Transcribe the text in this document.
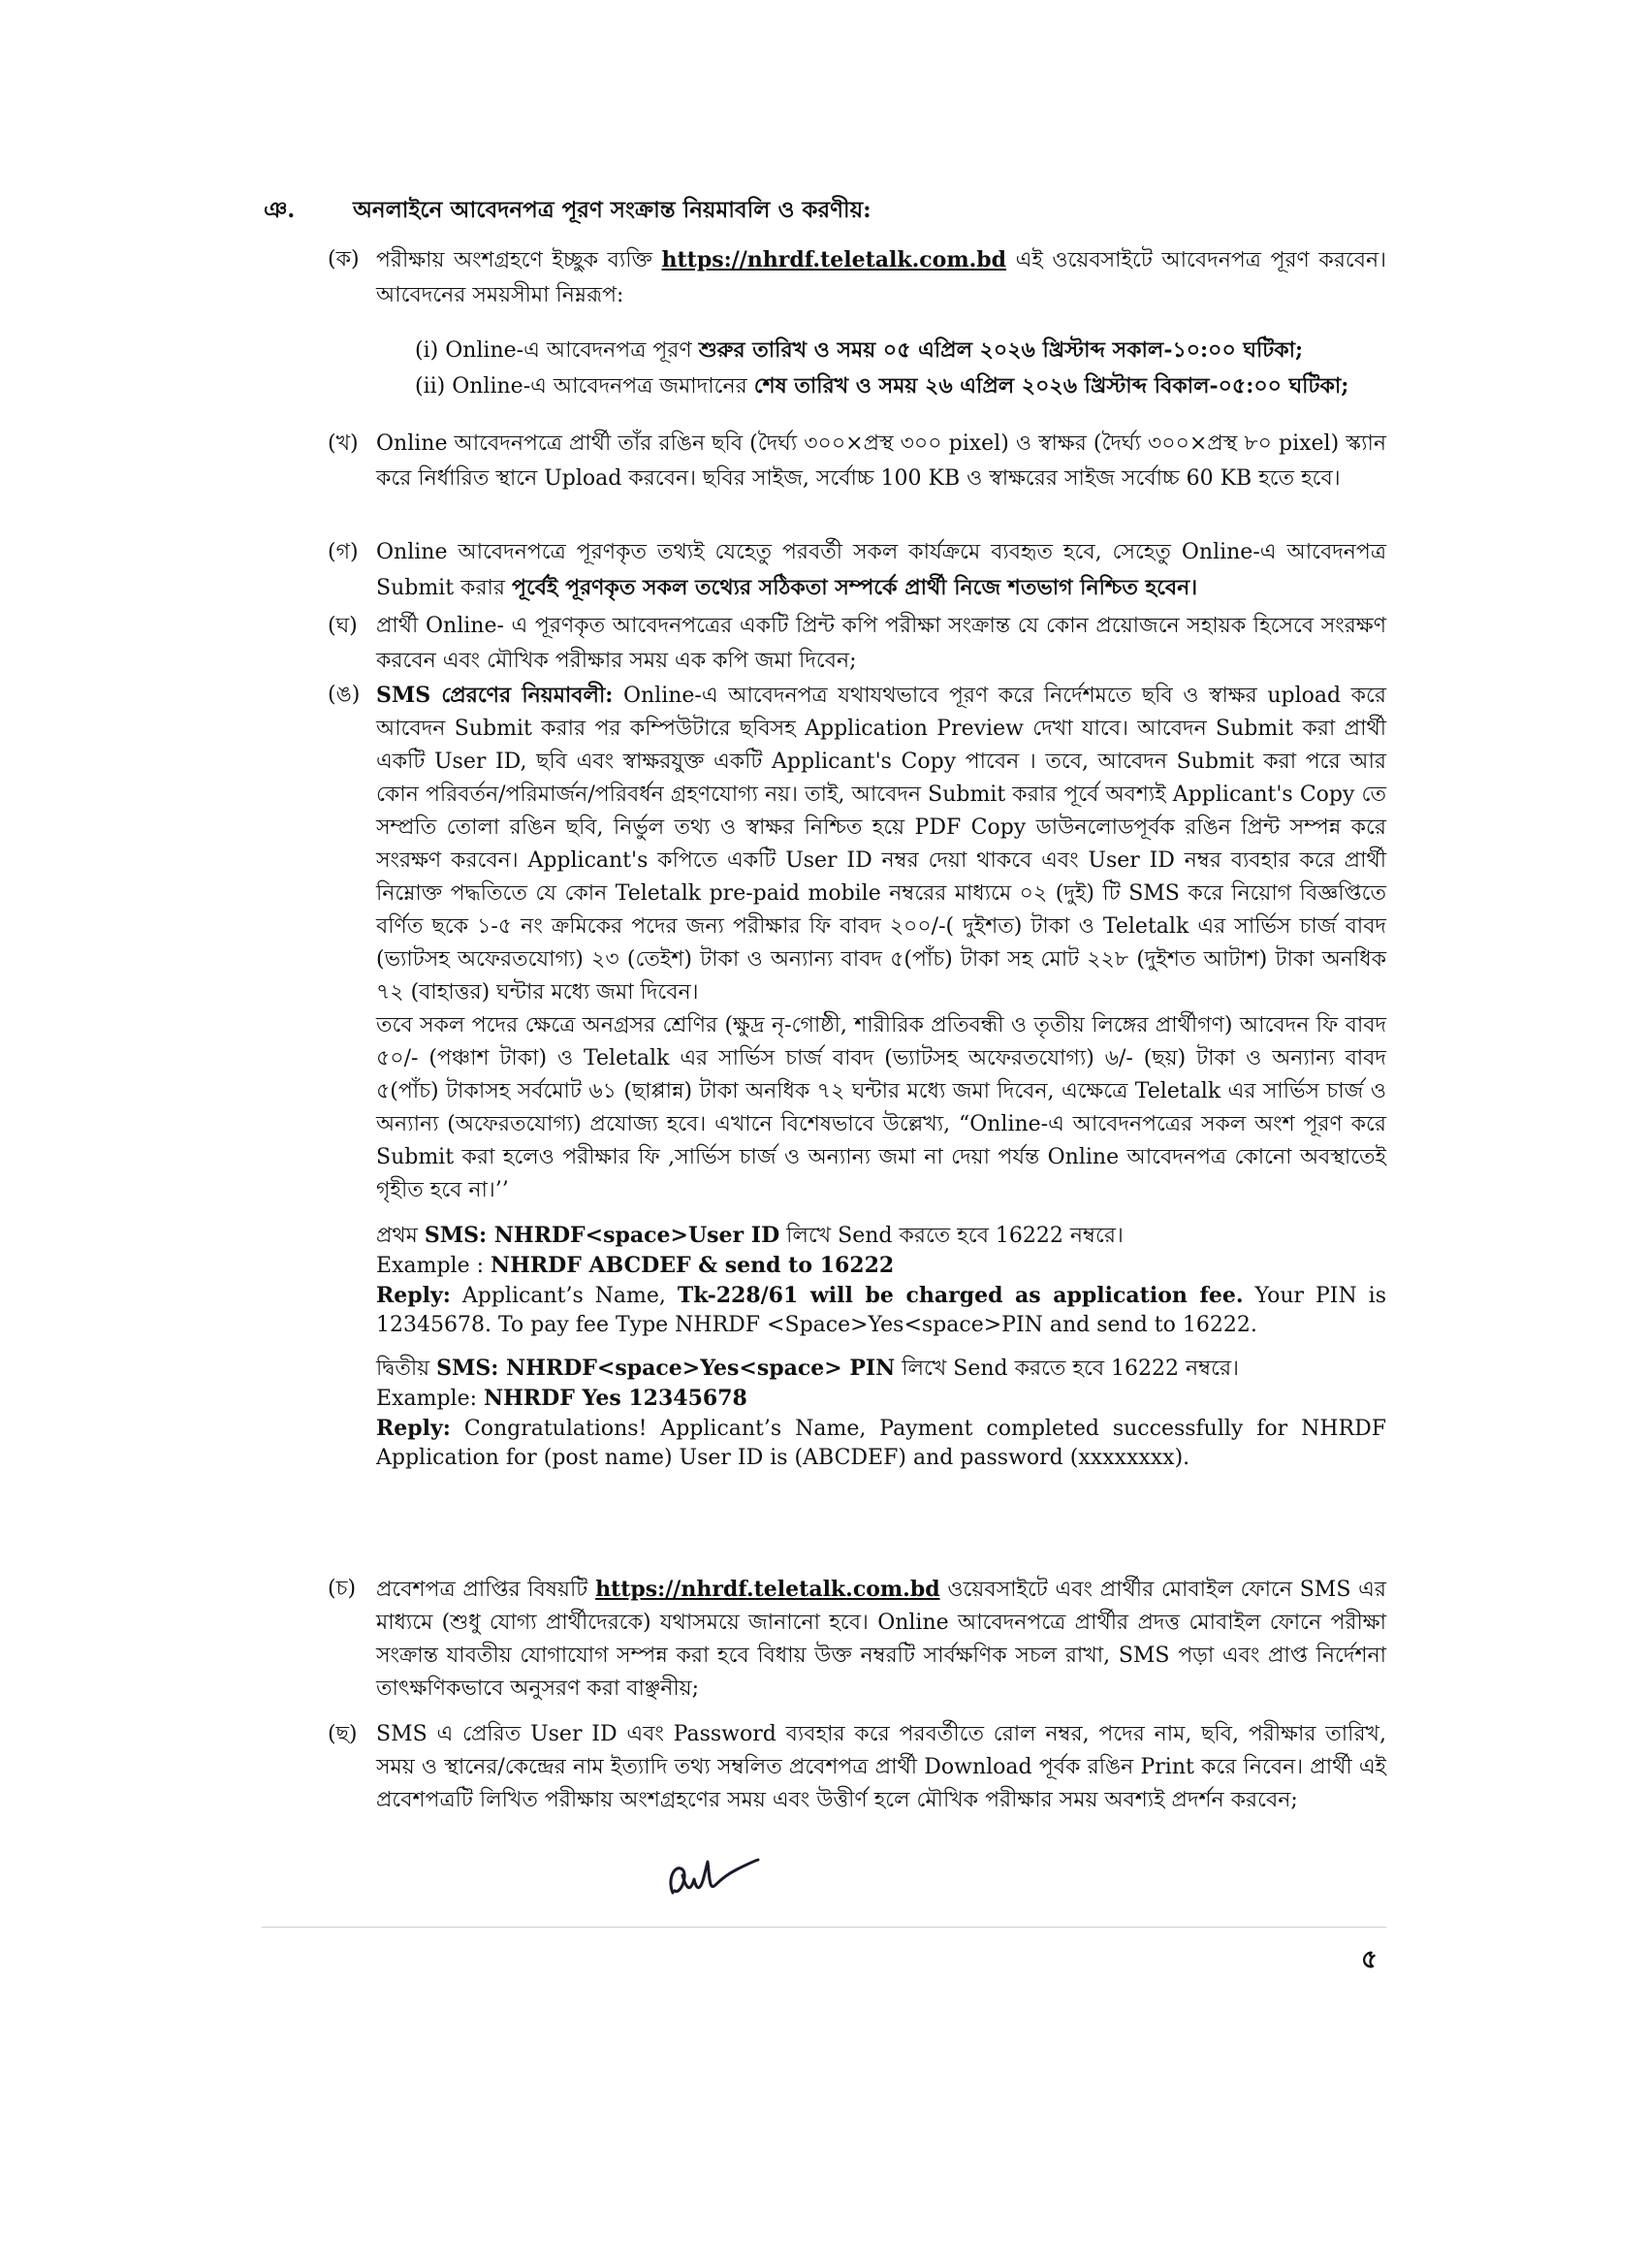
ঞ.	অনলাইনে আবেদনপত্র পূরণ সংক্রান্ত নিয়মাবলি ও করণীয়:
(ক) পরীক্ষায় অংশগ্রহণে ইচ্ছুক ব্যক্তি https://nhrdf.teletalk.com.bd এই ওয়েবসাইটে আবেদনপত্র পূরণ করবেন। আবেদনের সময়সীমা নিম্নরূপ:

(i) Online-এ আবেদনপত্র পূরণ শুরুর তারিখ ও সময় ০৫ এপ্রিল ২০২৬ খ্রিস্টাব্দ সকাল-১০:০০ ঘটিকা;

(ii) Online-এ আবেদনপত্র জমাদানের শেষ তারিখ ও সময় ২৬ এপ্রিল ২০২৬ খ্রিস্টাব্দ বিকাল-০৫:০০ ঘটিকা;

(খ) Online আবেদনপত্রে প্রার্থী তাঁর রঙিন ছবি (দৈর্ঘ্য ৩০০×প্রস্থ ৩০০ pixel) ও স্বাক্ষর (দৈর্ঘ্য ৩০০×প্রস্থ ৮০ pixel) স্ক্যান করে নির্ধারিত স্থানে Upload করবেন। ছবির সাইজ, সর্বোচ্চ 100 KB ও স্বাক্ষরের সাইজ সর্বোচ্চ 60 KB হতে হবে।

(গ) Online আবেদনপত্রে পূরণকৃত তথ্যই যেহেতু পরবর্তী সকল কার্যক্রমে ব্যবহৃত হবে, সেহেতু Online-এ আবেদনপত্র Submit করার পূর্বেই পূরণকৃত সকল তথ্যের সঠিকতা সম্পর্কে প্রার্থী নিজে শতভাগ নিশ্চিত হবেন।

(ঘ) প্রার্থী Online- এ পূরণকৃত আবেদনপত্রের একটি প্রিন্ট কপি পরীক্ষা সংক্রান্ত যে কোন প্রয়োজনে সহায়ক হিসেবে সংরক্ষণ করবেন এবং মৌখিক পরীক্ষার সময় এক কপি জমা দিবেন;

(ঙ) SMS প্রেরণের নিয়মাবলী: Online-এ আবেদনপত্র যথাযথভাবে পূরণ করে নির্দেশমতে ছবি ও স্বাক্ষর upload করে আবেদন Submit করার পর কম্পিউটারে ছবিসহ Application Preview দেখা যাবে। আবেদন Submit করা প্রার্থী একটি User ID, ছবি এবং স্বাক্ষরযুক্ত একটি Applicant's Copy পাবেন । তবে, আবেদন Submit করা পরে আর কোন পরিবর্তন/পরিমার্জন/পরিবর্ধন গ্রহণযোগ্য নয়। তাই, আবেদন Submit করার পূর্বে অবশ্যই Applicant's Copy তে সম্প্রতি তোলা রঙিন ছবি, নির্ভুল তথ্য ও স্বাক্ষর নিশ্চিত হয়ে PDF Copy ডাউনলোডপূর্বক রঙিন প্রিন্ট সম্পন্ন করে সংরক্ষণ করবেন। Applicant's কপিতে একটি User ID নম্বর দেয়া থাকবে এবং User ID নম্বর ব্যবহার করে প্রার্থী নিম্নোক্ত পদ্ধতিতে যে কোন Teletalk pre-paid mobile নম্বরের মাধ্যমে ০২ (দুই) টি SMS করে নিয়োগ বিজ্ঞপ্তিতে বর্ণিত ছকে ১-৫ নং ক্রমিকের পদের জন্য পরীক্ষার ফি বাবদ ২০০/-( দুইশত) টাকা ও Teletalk এর সার্ভিস চার্জ বাবদ (ভ্যাটসহ অফেরতযোগ্য) ২৩ (তেইশ) টাকা ও অন্যান্য বাবদ ৫(পাঁচ) টাকা সহ মোট ২২৮ (দুইশত আটাশ) টাকা অনধিক ৭২ (বাহাত্তর) ঘন্টার মধ্যে জমা দিবেন।

তবে সকল পদের ক্ষেত্রে অনগ্রসর শ্রেণির (ক্ষুদ্র নৃ-গোষ্ঠী, শারীরিক প্রতিবন্ধী ও তৃতীয় লিঙ্গের প্রার্থীগণ) আবেদন ফি বাবদ ৫০/- (পঞ্চাশ টাকা) ও Teletalk এর সার্ভিস চার্জ বাবদ (ভ্যাটসহ অফেরতযোগ্য) ৬/- (ছয়) টাকা ও অন্যান্য বাবদ ৫(পাঁচ) টাকাসহ সর্বমোট ৬১ (ছাপ্পান্ন) টাকা অনধিক ৭২ ঘন্টার মধ্যে জমা দিবেন, এক্ষেত্রে Teletalk এর সার্ভিস চার্জ ও অন্যান্য (অফেরতযোগ্য) প্রযোজ্য হবে। এখানে বিশেষভাবে উল্লেখ্য, “Online-এ আবেদনপত্রের সকল অংশ পূরণ করে Submit করা হলেও পরীক্ষার ফি ,সার্ভিস চার্জ ও অন্যান্য জমা না দেয়া পর্যন্ত Online আবেদনপত্র কোনো অবস্থাতেই গৃহীত হবে না।’’

প্রথম SMS: NHRDF<space>User ID লিখে Send করতে হবে 16222 নম্বরে।

Example : NHRDF ABCDEF & send to 16222

Reply: Applicant’s Name, Tk-228/61 will be charged as application fee. Your PIN is 12345678. To pay fee Type NHRDF <Space>Yes<space>PIN and send to 16222.

দ্বিতীয় SMS: NHRDF<space>Yes<space> PIN লিখে Send করতে হবে 16222 নম্বরে।

Example: NHRDF Yes 12345678

Reply: Congratulations! Applicant’s Name, Payment completed successfully for NHRDF Application for (post name) User ID is (ABCDEF) and password (xxxxxxxx).

(চ) প্রবেশপত্র প্রাপ্তির বিষয়টি https://nhrdf.teletalk.com.bd ওয়েবসাইটে এবং প্রার্থীর মোবাইল ফোনে SMS এর মাধ্যমে (শুধু যোগ্য প্রার্থীদেরকে) যথাসময়ে জানানো হবে। Online আবেদনপত্রে প্রার্থীর প্রদত্ত মোবাইল ফোনে পরীক্ষা সংক্রান্ত যাবতীয় যোগাযোগ সম্পন্ন করা হবে বিধায় উক্ত নম্বরটি সার্বক্ষণিক সচল রাখা, SMS পড়া এবং প্রাপ্ত নির্দেশনা তাৎক্ষণিকভাবে অনুসরণ করা বাঞ্ছনীয়;

(ছ) SMS এ প্রেরিত User ID এবং Password ব্যবহার করে পরবর্তীতে রোল নম্বর, পদের নাম, ছবি, পরীক্ষার তারিখ, সময় ও স্থানের/কেন্দ্রের নাম ইত্যাদি তথ্য সম্বলিত প্রবেশপত্র প্রার্থী Download পূর্বক রঙিন Print করে নিবেন। প্রার্থী এই প্রবেশপত্রটি লিখিত পরীক্ষায় অংশগ্রহণের সময় এবং উত্তীর্ণ হলে মৌখিক পরীক্ষার সময় অবশ্যই প্রদর্শন করবেন;

৫
